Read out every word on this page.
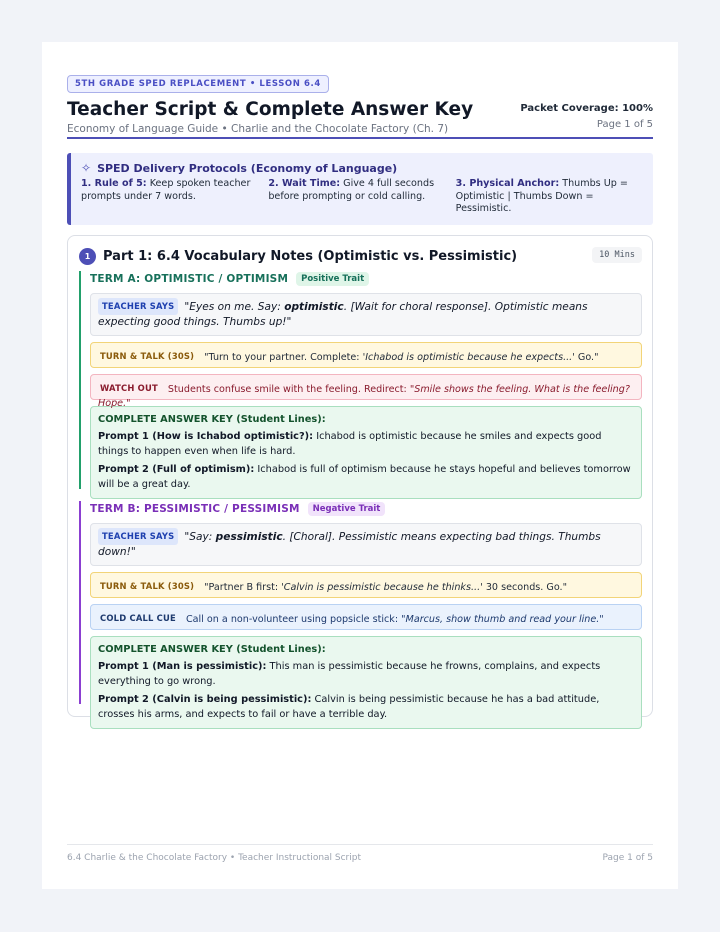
5TH GRADE SPED REPLACEMENT • LESSON 6.4
Teacher Script & Complete Answer Key
Economy of Language Guide • Charlie and the Chocolate Factory (Ch. 7)
Packet Coverage: 100%
Page 1 of 5
✧ SPED Delivery Protocols (Economy of Language)
1. Rule of 5: Keep spoken teacher prompts under 7 words.
2. Wait Time: Give 4 full seconds before prompting or cold calling.
3. Physical Anchor: Thumbs Up = Optimistic | Thumbs Down = Pessimistic.
1 Part 1: 6.4 Vocabulary Notes (Optimistic vs. Pessimistic)	10 Mins
TERM A: OPTIMISTIC / OPTIMISM	Positive Trait
TEACHER SAYS "Eyes on me. Say: optimistic. [Wait for choral response]. Optimistic means expecting good things. Thumbs up!"
TURN & TALK (30S) "Turn to your partner. Complete: 'Ichabod is optimistic because he expects...' Go."
WATCH OUT Students confuse smile with the feeling. Redirect: "Smile shows the feeling. What is the feeling? Hope."
COMPLETE ANSWER KEY (Student Lines):
Prompt 1 (How is Ichabod optimistic?): Ichabod is optimistic because he smiles and expects good things to happen even when life is hard.
Prompt 2 (Full of optimism): Ichabod is full of optimism because he stays hopeful and believes tomorrow will be a great day.
TERM B: PESSIMISTIC / PESSIMISM	Negative Trait
TEACHER SAYS "Say: pessimistic. [Choral]. Pessimistic means expecting bad things. Thumbs down!"
TURN & TALK (30S) "Partner B first: 'Calvin is pessimistic because he thinks...' 30 seconds. Go."
COLD CALL CUE Call on a non-volunteer using popsicle stick: "Marcus, show thumb and read your line."
COMPLETE ANSWER KEY (Student Lines):
Prompt 1 (Man is pessimistic): This man is pessimistic because he frowns, complains, and expects everything to go wrong.
Prompt 2 (Calvin is being pessimistic): Calvin is being pessimistic because he has a bad attitude, crosses his arms, and expects to fail or have a terrible day.
6.4 Charlie & the Chocolate Factory • Teacher Instructional Script	Page 1 of 5
